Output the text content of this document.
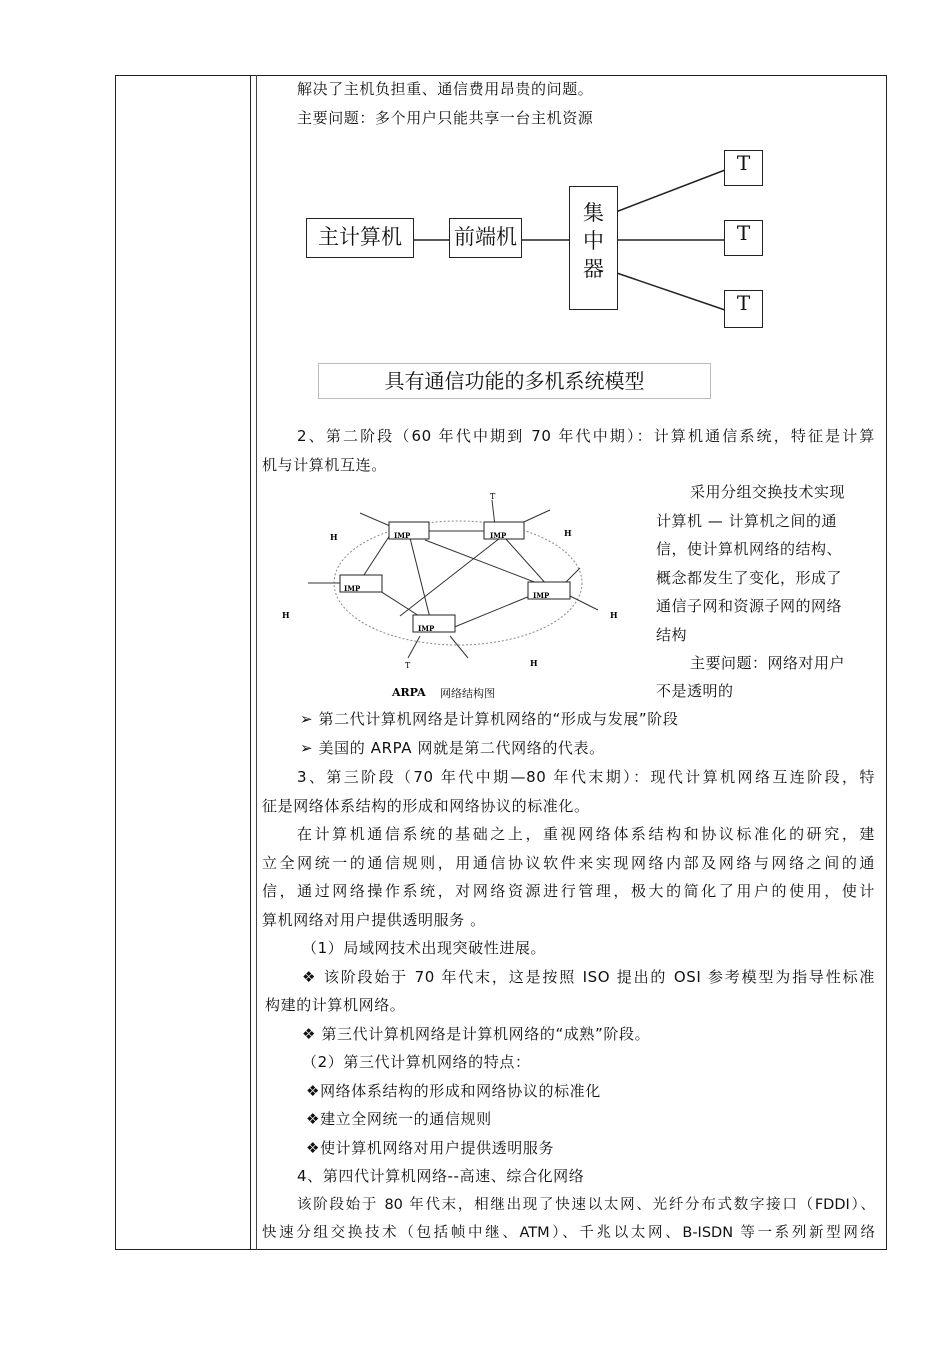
解决了主机负担重、通信费用昂贵的问题。
主要问题：多个用户只能共享一台主机资源
主计算机	前端机
集
中
器
T
T
T
具有通信功能的多机系统模型
2、第二阶段（60 年代中期到 70 年代中期）：计算机通信系统，特征是计算
机与计算机互连。
IMP	IMP
IMP
IMP
IMP
H	H
H	H
H
T
T
ARPA 网络结构图
采用分组交换技术实现
计算机 — 计算机之间的通
信，使计算机网络的结构、
概念都发生了变化，形成了
通信子网和资源子网的网络
结构
主要问题：网络对用户
不是透明的
➢ 第二代计算机网络是计算机网络的“形成与发展”阶段
➢ 美国的 ARPA 网就是第二代网络的代表。
3、第三阶段（70 年代中期—80 年代末期）：现代计算机网络互连阶段，特
征是网络体系结构的形成和网络协议的标准化。
在计算机通信系统的基础之上，重视网络体系结构和协议标准化的研究，建
立全网统一的通信规则，用通信协议软件来实现网络内部及网络与网络之间的通
信，通过网络操作系统，对网络资源进行管理，极大的简化了用户的使用，使计
算机网络对用户提供透明服务 。
（1）局域网技术出现突破性进展。
❖ 该阶段始于 70 年代末，这是按照 ISO 提出的 OSI 参考模型为指导性标准
构建的计算机网络。
❖ 第三代计算机网络是计算机网络的“成熟”阶段。
（2）第三代计算机网络的特点：
❖网络体系结构的形成和网络协议的标准化
❖建立全网统一的通信规则
❖使计算机网络对用户提供透明服务
4、第四代计算机网络--高速、综合化网络
该阶段始于 80 年代末，相继出现了快速以太网、光纤分布式数字接口（FDDI）、
快速分组交换技术（包括帧中继、ATM）、千兆以太网、B-ISDN 等一系列新型网络
